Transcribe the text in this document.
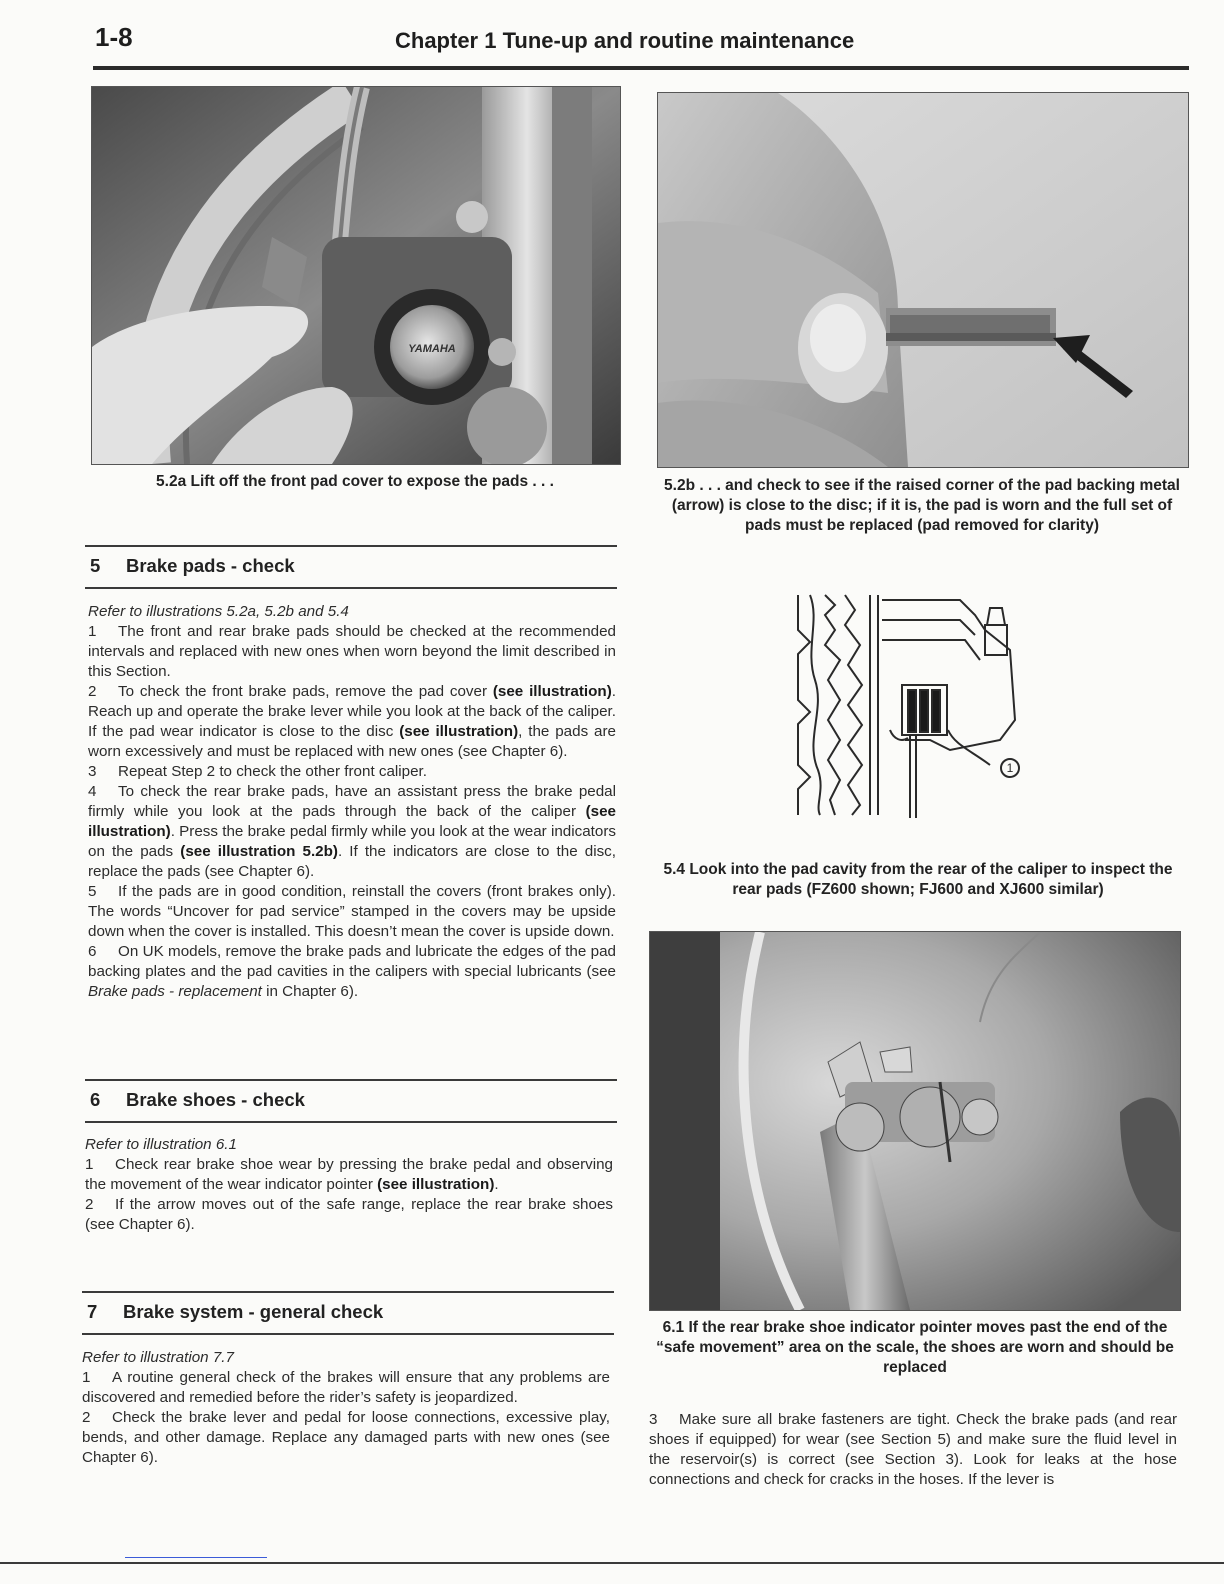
1-8	Chapter 1 Tune-up and routine maintenance
YAMAHA
5.2a Lift off the front pad cover to expose the pads . . .	5.2b . . . and check to see if the raised corner of the pad backing metal (arrow) is close to the disc; if it is, the pad is worn and the full set of pads must be replaced (pad removed for clarity)
1
5.4 Look into the pad cavity from the rear of the caliper to inspect the rear pads (FZ600 shown; FJ600 and XJ600 similar)
6.1 If the rear brake shoe indicator pointer moves past the end of the “safe movement” area on the scale, the shoes are worn and should be replaced
5 Brake pads - check

Refer to illustrations 5.2a, 5.2b and 5.4

1 The front and rear brake pads should be checked at the recommended intervals and replaced with new ones when worn beyond the limit described in this Section.

2 To check the front brake pads, remove the pad cover (see illustration). Reach up and operate the brake lever while you look at the back of the caliper. If the pad wear indicator is close to the disc (see illustration), the pads are worn excessively and must be replaced with new ones (see Chapter 6).

3 Repeat Step 2 to check the other front caliper.

4 To check the rear brake pads, have an assistant press the brake pedal firmly while you look at the pads through the back of the caliper (see illustration). Press the brake pedal firmly while you look at the wear indicators on the pads (see illustration 5.2b). If the indicators are close to the disc, replace the pads (see Chapter 6).

5 If the pads are in good condition, reinstall the covers (front brakes only). The words “Uncover for pad service” stamped in the covers may be upside down when the cover is installed. This doesn’t mean the cover is upside down.

6 On UK models, remove the brake pads and lubricate the edges of the pad backing plates and the pad cavities in the calipers with special lubricants (see Brake pads - replacement in Chapter 6).

6 Brake shoes - check

Refer to illustration 6.1

1 Check rear brake shoe wear by pressing the brake pedal and observing the movement of the wear indicator pointer (see illustration).

2 If the arrow moves out of the safe range, replace the rear brake shoes (see Chapter 6).

7 Brake system - general check

Refer to illustration 7.7

1 A routine general check of the brakes will ensure that any problems are discovered and remedied before the rider’s safety is jeopardized.

2 Check the brake lever and pedal for loose connections, excessive play, bends, and other damage. Replace any damaged parts with new ones (see Chapter 6).

3 Make sure all brake fasteners are tight. Check the brake pads (and rear shoes if equipped) for wear (see Section 5) and make sure the fluid level in the reservoir(s) is correct (see Section 3). Look for leaks at the hose connections and check for cracks in the hoses. If the lever is
